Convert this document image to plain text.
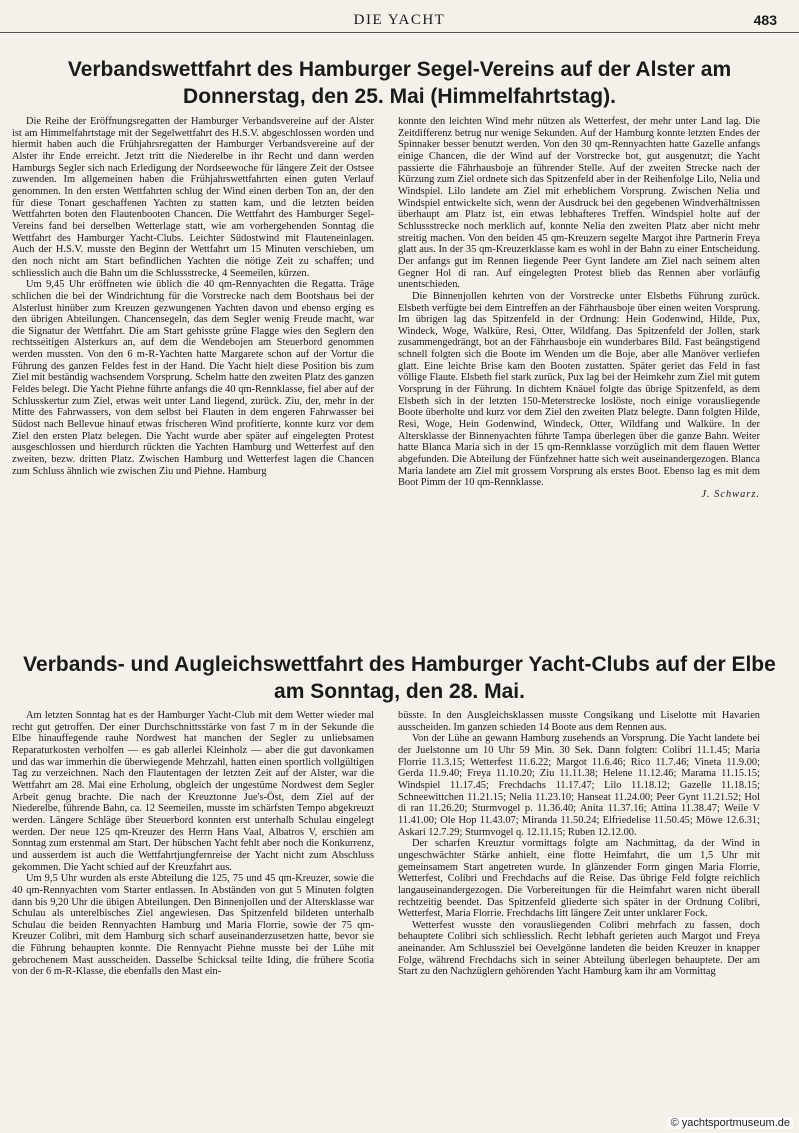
DIE YACHT	483
Verbandswettfahrt des Hamburger Segel-Vereins auf der Alster am Donnerstag, den 25. Mai (Himmelfahrtstag).

Die Reihe der Eröffnungsregatten der Hamburger Verbandsvereine auf der Alster ist am Himmelfahrtstage mit der Segelwettfahrt des H.S.V. abgeschlossen worden und hiermit haben auch die Frühjahrsregatten der Hamburger Verbandsvereine auf der Alster ihr Ende erreicht. Jetzt tritt die Niederelbe in ihr Recht und dann werden Hamburgs Segler sich nach Erledigung der Nordseewoche für längere Zeit der Ostsee zuwenden. Im allgemeinen haben die Frühjahrswettfahrten einen guten Verlauf genommen. In den ersten Wettfahrten schlug der Wind einen derben Ton an, der den für diese Tonart geschaffenen Yachten zu statten kam, und die letzten beiden Wettfahrten boten den Flautenbooten Chancen. Die Wettfahrt des Hamburger Segel-Vereins fand bei derselben Wetterlage statt, wie am vorhergehenden Sonntag die Wettfahrt des Hamburger Yacht-Clubs. Leichter Südostwind mit Flauteneinlagen. Auch der H.S.V. musste den Beginn der Wettfahrt um 15 Minuten verschieben, um den noch nicht am Start befindlichen Yachten die nötige Zeit zu schaffen; und schliesslich auch die Bahn um die Schlussstrecke, 4 Seemeilen, kürzen.

Um 9,45 Uhr eröffneten wie üblich die 40 qm-Rennyachten die Regatta. Träge schlichen die bei der Windrichtung für die Vorstrecke nach dem Bootshaus bei der Alsterlust hinüber zum Kreuzen gezwungenen Yachten davon und ebenso erging es den übrigen Abteilungen. Chancensegeln, das dem Segler wenig Freude macht, war die Signatur der Wettfahrt. Die am Start gehisste grüne Flagge wies den Seglern den rechtsseitigen Alsterkurs an, auf dem die Wendebojen am Steuerbord genommen werden mussten. Von den 6 m-R-Yachten hatte Margarete schon auf der Vortur die Führung des ganzen Feldes fest in der Hand. Die Yacht hielt diese Position bis zum Ziel mit beständig wachsendem Vorsprung. Schelm hatte den zweiten Platz des ganzen Feldes belegt. Die Yacht Piehne führte anfangs die 40 qm-Rennklasse, fiel aber auf der Schlusskertur zum Ziel, etwas weit unter Land liegend, zurück. Ziu, der, mehr in der Mitte des Fahrwassers, von dem selbst bei Flauten in dem engeren Fahrwasser bei Südost nach Bellevue hinauf etwas frischeren Wind profitierte, konnte kurz vor dem Ziel den ersten Platz belegen. Die Yacht wurde aber später auf eingelegten Protest ausgeschlossen und hierdurch rückten die Yachten Hamburg und Wetterfest auf den zweiten, bezw. dritten Platz. Zwischen Hamburg und Wetterfest lagen die Chancen zum Schluss ähnlich wie zwischen Ziu und Piehne. Hamburg

konnte den leichten Wind mehr nützen als Wetterfest, der mehr unter Land lag. Die Zeitdifferenz betrug nur wenige Sekunden. Auf der Hamburg konnte letzten Endes der Spinnaker besser benutzt werden. Von den 30 qm-Rennyachten hatte Gazelle anfangs einige Chancen, die der Wind auf der Vorstrecke bot, gut ausgenutzt; die Yacht passierte die Fährhausboje an führender Stelle. Auf der zweiten Strecke nach der Kürzung zum Ziel ordnete sich das Spitzenfeld aber in der Reihenfolge Lilo, Nelia und Windspiel. Lilo landete am Ziel mit erheblichem Vorsprung. Zwischen Nelia und Windspiel entwickelte sich, wenn der Ausdruck bei den gegebenen Windverhältnissen überhaupt am Platz ist, ein etwas lebhafteres Treffen. Windspiel holte auf der Schlussstrecke noch merklich auf, konnte Nelia den zweiten Platz aber nicht mehr streitig machen. Von den beiden 45 qm-Kreuzern segelte Margot ihre Partnerin Freya glatt aus. In der 35 qm-Kreuzerklasse kam es wohl in der Bahn zu einer Entscheidung. Der anfangs gut im Rennen liegende Peer Gynt landete am Ziel nach seinem alten Gegner Hol di ran. Auf eingelegten Protest blieb das Rennen aber vorläufig unentschieden.

Die Binnenjollen kehrten von der Vorstrecke unter Elsbeths Führung zurück. Elsbeth verfügte bei dem Eintreffen an der Fährhausboje über einen weiten Vorsprung. Im übrigen lag das Spitzenfeld in der Ordnung: Hein Godenwind, Hilde, Pux, Windeck, Woge, Walküre, Resi, Otter, Wildfang. Das Spitzenfeld der Jollen, stark zusammengedrängt, bot an der Fährhausboje ein wunderbares Bild. Fast beängstigend schnell folgten sich die Boote im Wenden um die Boje, aber alle Manöver verliefen glatt. Eine leichte Brise kam den Booten zustatten. Später geriet das Feld in fast völlige Flaute. Elsbeth fiel stark zurück, Pux lag bei der Heimkehr zum Ziel mit gutem Vorsprung in der Führung. In dichtem Knäuel folgte das übrige Spitzenfeld, as dem Elsbeth sich in der letzten 150-Meterstrecke loslöste, noch einige vorausliegende Boote überholte und kurz vor dem Ziel den zweiten Platz belegte. Dann folgten Hilde, Resi, Woge, Hein Godenwind, Windeck, Otter, Wildfang und Walküre. In der Altersklasse der Binnenyachten führte Tampa überlegen über die ganze Bahn. Weiter hatte Blanca Maria sich in der 15 qm-Rennklasse vorzüglich mit dem flauen Wetter abgefunden. Die Abteilung der Fünfzehner hatte sich weit auseinandergezogen. Blanca Maria landete am Ziel mit grossem Vorsprung als erstes Boot. Ebenso lag es mit dem Boot Pimm der 10 qm-Rennklasse.

J. Schwarz.

Verbands- und Augleichswettfahrt des Hamburger Yacht-Clubs auf der Elbe am Sonntag, den 28. Mai.

Am letzten Sonntag hat es der Hamburger Yacht-Club mit dem Wetter wieder mal recht gut getroffen. Der einer Durchschnittsstärke von fast 7 m in der Sekunde die Elbe hinauffegende rauhe Nordwest hat manchen der Segler zu unliebsamen Reparaturkosten verholfen — es gab allerlei Kleinholz — aber die gut davonkamen und das war immerhin die überwiegende Mehrzahl, hatten einen sportlich vollgültigen Tag zu verzeichnen. Nach den Flautentagen der letzten Zeit auf der Alster, war die Wettfahrt am 28. Mai eine Erholung, obgleich der ungestüme Nordwest dem Segler Arbeit genug brachte. Die nach der Kreuztonne Jue's-Öst, dem Ziel auf der Niederelbe, führende Bahn, ca. 12 Seemeilen, musste im schärfsten Tempo abgekreuzt werden. Längere Schläge über Steuerbord konnten erst unterhalb Schulau eingelegt werden. Der neue 125 qm-Kreuzer des Herrn Hans Vaal, Albatros V, erschien am Sonntag zum erstenmal am Start. Der hübschen Yacht fehlt aber noch die Konkurrenz, und ausserdem ist auch die Wettfahrtjungfernreise der Yacht nicht zum Abschluss gekommen. Die Yacht schied auf der Kreuzfahrt aus.

Um 9,5 Uhr wurden als erste Abteilung die 125, 75 und 45 qm-Kreuzer, sowie die 40 qm-Rennyachten vom Starter entlassen. In Abständen von gut 5 Minuten folgten dann bis 9,20 Uhr die übigen Abteilungen. Den Binnenjollen und der Altersklasse war Schulau als unterelbisches Ziel angewiesen. Das Spitzenfeld bildeten unterhalb Schulau die beiden Rennyachten Hamburg und Maria Florrie, sowie der 75 qm-Kreuzer Colibri, mit dem Hamburg sich scharf auseinanderzusetzen hatte, bevor sie die Führung behaupten konnte. Die Rennyacht Piehne musste bei der Lühe mit gebrochenem Mast ausscheiden. Dasselbe Schicksal teilte Iding, die frühere Scotia von der 6 m-R-Klasse, die ebenfalls den Mast ein-

büsste. In den Ausgleichsklassen musste Congsikang und Liselotte mit Havarien ausscheiden. Im ganzen schieden 14 Boote aus dem Rennen aus.

Von der Lühe an gewann Hamburg zusehends an Vorsprung. Die Yacht landete bei der Juelstonne um 10 Uhr 59 Min. 30 Sek. Dann folgten: Colibri 11.1.45; Maria Florrie 11.3.15; Wetterfest 11.6.22; Margot 11.6.46; Rico 11.7.46; Vineta 11.9.00; Gerda 11.9.40; Freya 11.10.20; Ziu 11.11.38; Helene 11.12.46; Marama 11.15.15; Windspiel 11.17.45; Frechdachs 11.17.47; Lilo 11.18.12; Gazelle 11.18.15; Schneewittchen 11.21.15; Nelia 11.23.10; Hanseat 11.24.00; Peer Gynt 11.21.52; Hol di ran 11.26.20; Sturmvogel p. 11.36.40; Anita 11.37.16; Attina 11.38.47; Weile V 11.41.00; Ole Hop 11.43.07; Miranda 11.50.24; Elfriedelise 11.50.45; Möwe 12.6.31; Askari 12.7.29; Sturmvogel q. 12.11.15; Ruben 12.12.00.

Der scharfen Kreuztur vormittags folgte am Nachmittag, da der Wind in ungeschwächter Stärke anhielt, eine flotte Heimfahrt, die um 1,5 Uhr mit gemeinsamem Start angetreten wurde. In glänzender Form gingen Maria Florrie, Wetterfest, Colibri und Frechdachs auf die Reise. Das übrige Feld folgte reichlich langauseinandergezogen. Die Vorbereitungen für die Heimfahrt waren nicht überall rechtzeitig beendet. Das Spitzenfeld gliederte sich später in der Ordnung Colibri, Wetterfest, Maria Florrie. Frechdachs litt längere Zeit unter unklarer Fock.

Wetterfest wusste den vorausliegenden Colibri mehrfach zu fassen, doch behauptete Colibri sich schliesslich. Recht lebhaft gerieten auch Margot und Freya aneinander. Am Schlussziel bei Oevelgönne landeten die beiden Kreuzer in knapper Folge, während Frechdachs sich in seiner Abteilung überlegen behauptete. Der am Start zu den Nachzüglern gehörenden Yacht Hamburg kam ihr am Vormittag

© yachtsportmuseum.de
